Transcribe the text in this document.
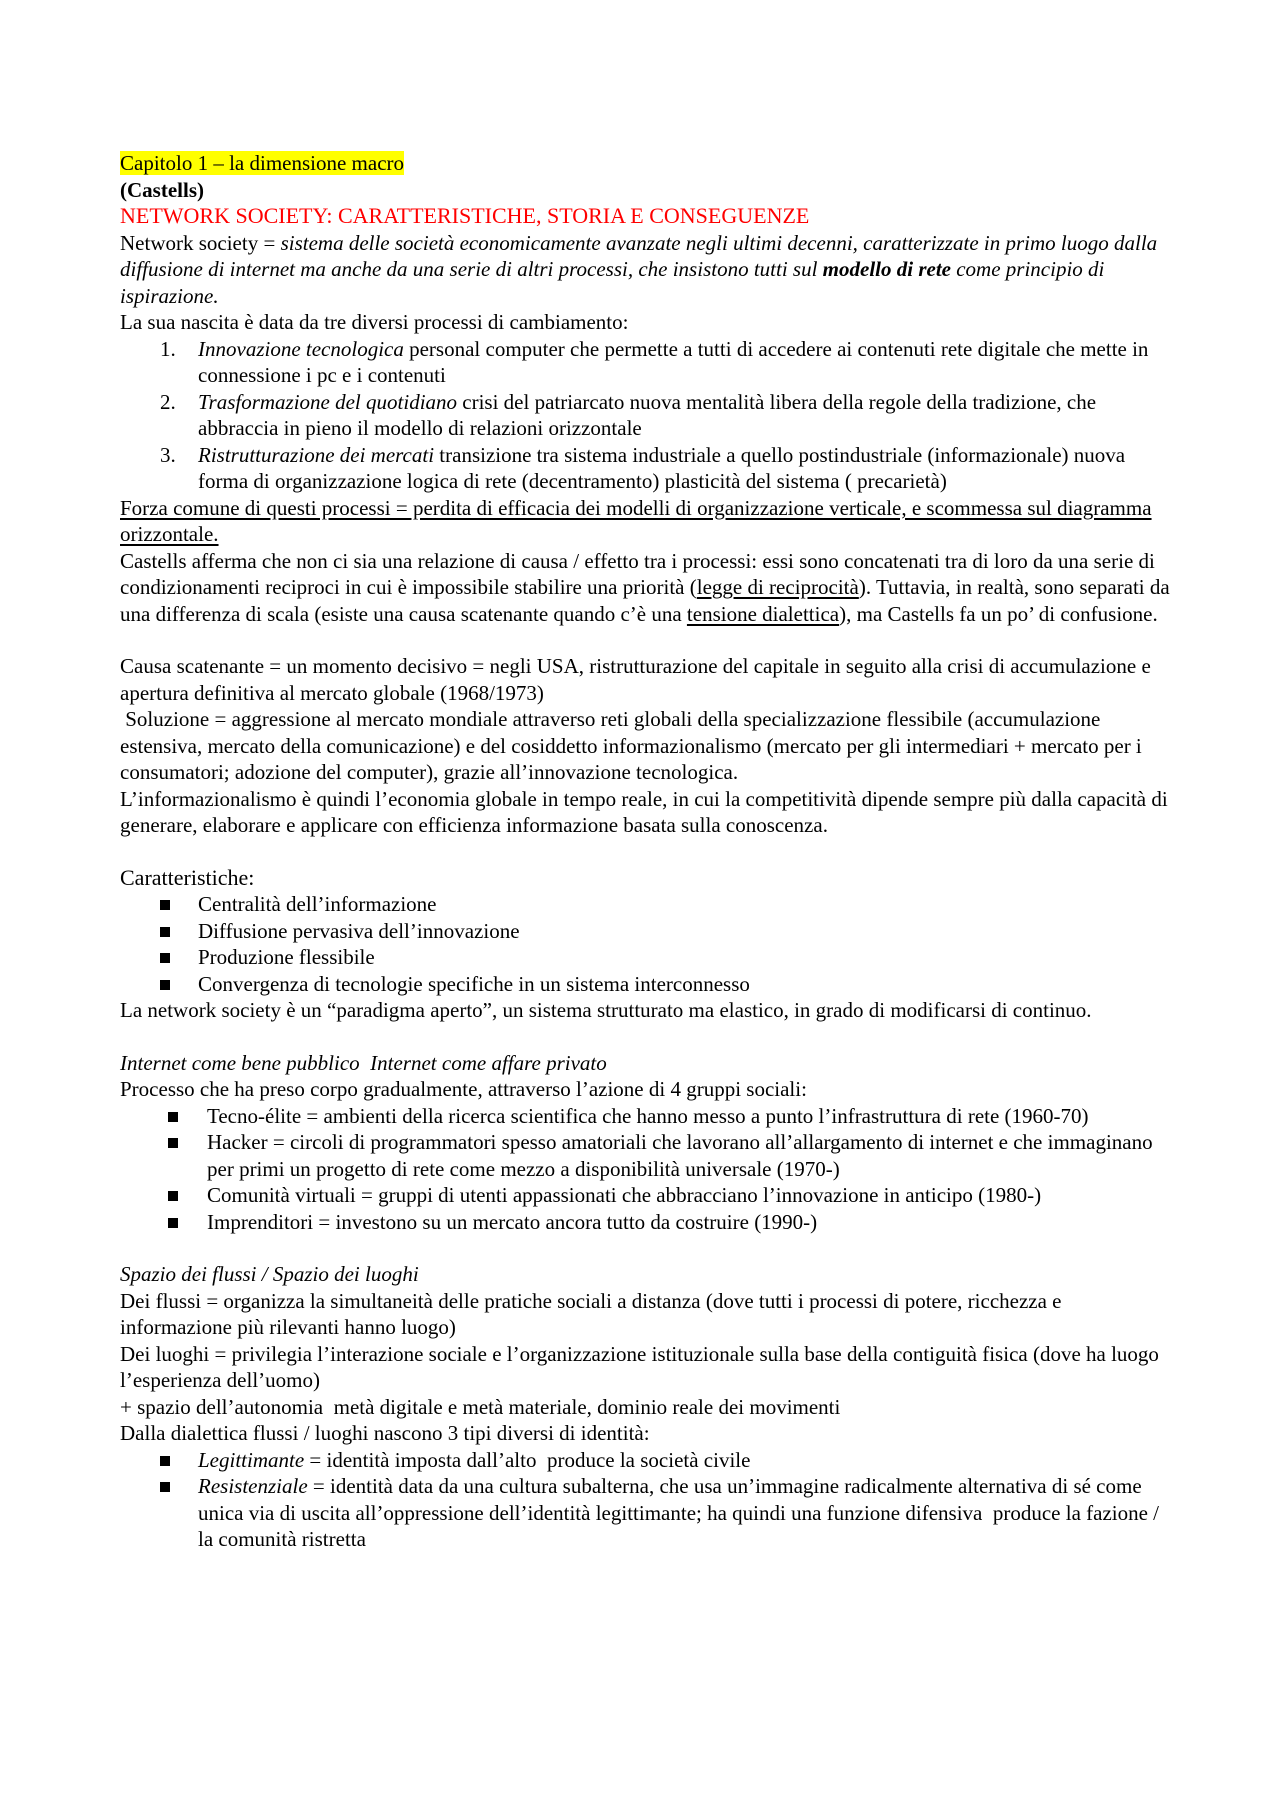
Capitolo 1 – la dimensione macro

(Castells)

NETWORK SOCIETY: CARATTERISTICHE, STORIA E CONSEGUENZE

Network society = sistema delle società economicamente avanzate negli ultimi decenni, caratterizzate in primo luogo dalla diffusione di internet ma anche da una serie di altri processi, che insistono tutti sul modello di rete come principio di ispirazione.

La sua nascita è data da tre diversi processi di cambiamento:

1. Innovazione tecnologica personal computer che permette a tutti di accedere ai contenuti rete digitale che mette in connessione i pc e i contenuti
2. Trasformazione del quotidiano crisi del patriarcato nuova mentalità libera della regole della tradizione, che abbraccia in pieno il modello di relazioni orizzontale
3. Ristrutturazione dei mercati transizione tra sistema industriale a quello postindustriale (informazionale) nuova forma di organizzazione logica di rete (decentramento) plasticità del sistema ( precarietà)

Forza comune di questi processi = perdita di efficacia dei modelli di organizzazione verticale, e scommessa sul diagramma orizzontale.

Castells afferma che non ci sia una relazione di causa / effetto tra i processi: essi sono concatenati tra di loro da una serie di condizionamenti reciproci in cui è impossibile stabilire una priorità (legge di reciprocità). Tuttavia, in realtà, sono separati da una differenza di scala (esiste una causa scatenante quando c’è una tensione dialettica), ma Castells fa un po’ di confusione.

Causa scatenante = un momento decisivo = negli USA, ristrutturazione del capitale in seguito alla crisi di accumulazione e apertura definitiva al mercato globale (1968/1973)

Soluzione = aggressione al mercato mondiale attraverso reti globali della specializzazione flessibile (accumulazione estensiva, mercato della comunicazione) e del cosiddetto informazionalismo (mercato per gli intermediari + mercato per i consumatori; adozione del computer), grazie all’innovazione tecnologica.

L’informazionalismo è quindi l’economia globale in tempo reale, in cui la competitività dipende sempre più dalla capacità di generare, elaborare e applicare con efficienza informazione basata sulla conoscenza.

Caratteristiche:

Centralità dell’informazione
Diffusione pervasiva dell’innovazione
Produzione flessibile
Convergenza di tecnologie specifiche in un sistema interconnesso

La network society è un “paradigma aperto”, un sistema strutturato ma elastico, in grado di modificarsi di continuo.

Internet come bene pubblico  Internet come affare privato

Processo che ha preso corpo gradualmente, attraverso l’azione di 4 gruppi sociali:

Tecno-élite = ambienti della ricerca scientifica che hanno messo a punto l’infrastruttura di rete (1960-70)
Hacker = circoli di programmatori spesso amatoriali che lavorano all’allargamento di internet e che immaginano per primi un progetto di rete come mezzo a disponibilità universale (1970-)
Comunità virtuali = gruppi di utenti appassionati che abbracciano l’innovazione in anticipo (1980-)
Imprenditori = investono su un mercato ancora tutto da costruire (1990-)

Spazio dei flussi / Spazio dei luoghi

Dei flussi = organizza la simultaneità delle pratiche sociali a distanza (dove tutti i processi di potere, ricchezza e informazione più rilevanti hanno luogo)

Dei luoghi = privilegia l’interazione sociale e l’organizzazione istituzionale sulla base della contiguità fisica (dove ha luogo l’esperienza dell’uomo)

+ spazio dell’autonomia  metà digitale e metà materiale, dominio reale dei movimenti

Dalla dialettica flussi / luoghi nascono 3 tipi diversi di identità:

Legittimante = identità imposta dall’alto  produce la società civile
Resistenziale = identità data da una cultura subalterna, che usa un’immagine radicalmente alternativa di sé come unica via di uscita all’oppressione dell’identità legittimante; ha quindi una funzione difensiva  produce la fazione / la comunità ristretta
